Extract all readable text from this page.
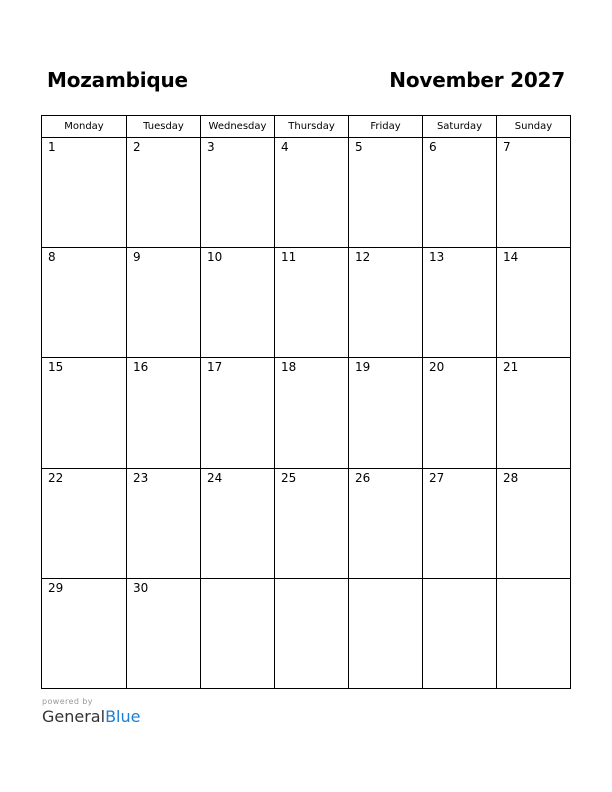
Mozambique	November 2027
Monday	Tuesday	Wednesday	Thursday	Friday	Saturday	Sunday

1	2	3	4	5	6	7

8	9	10	11	12	13	14

15	16	17	18	19	20	21

22	23	24	25	26	27	28

29	30					

powered by
GeneralBlue
